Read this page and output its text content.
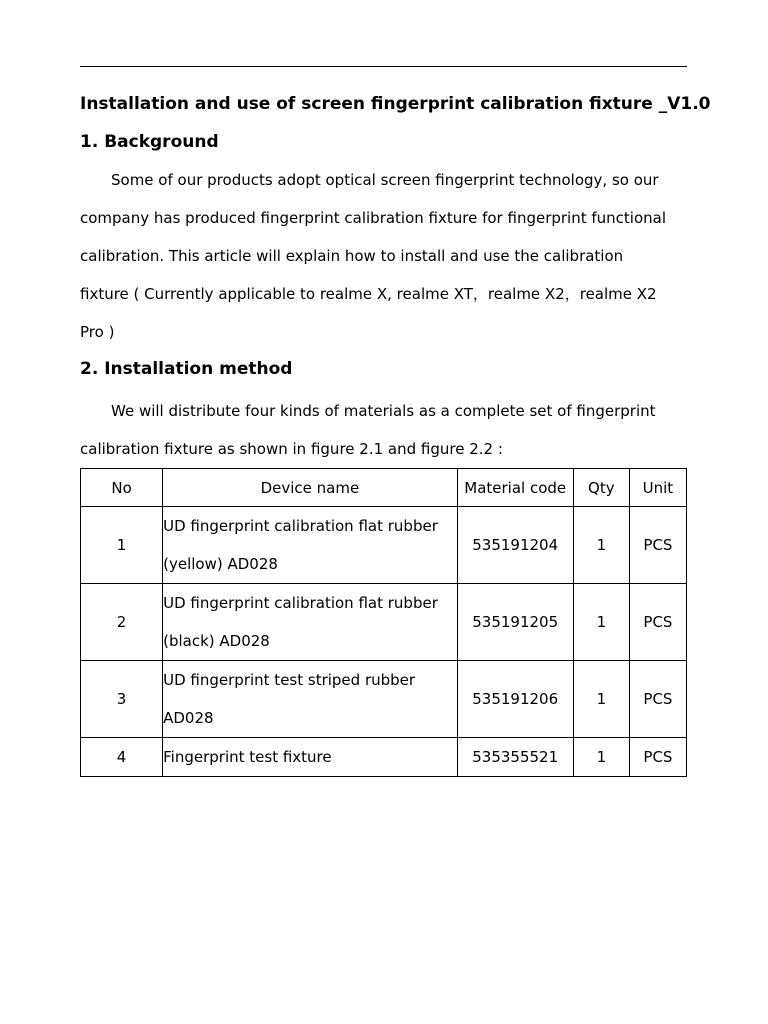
Installation and use of screen fingerprint calibration fixture _V1.0
1. Background
Some of our products adopt optical screen fingerprint technology, so our
company has produced fingerprint calibration fixture for fingerprint functional
calibration. This article will explain how to install and use the calibration
fixture ( Currently applicable to realme X, realme XT，realme X2，realme X2
Pro )
2. Installation method
We will distribute four kinds of materials as a complete set of fingerprint
calibration fixture as shown in figure 2.1 and figure 2.2 :
No	Device name	Material code	Qty	Unit
1	UD fingerprint calibration flat rubber
(yellow) AD028	535191204	1	PCS
2	UD fingerprint calibration flat rubber
(black) AD028	535191205	1	PCS
3	UD fingerprint test striped rubber
AD028	535191206	1	PCS
4	Fingerprint test fixture	535355521	1	PCS
